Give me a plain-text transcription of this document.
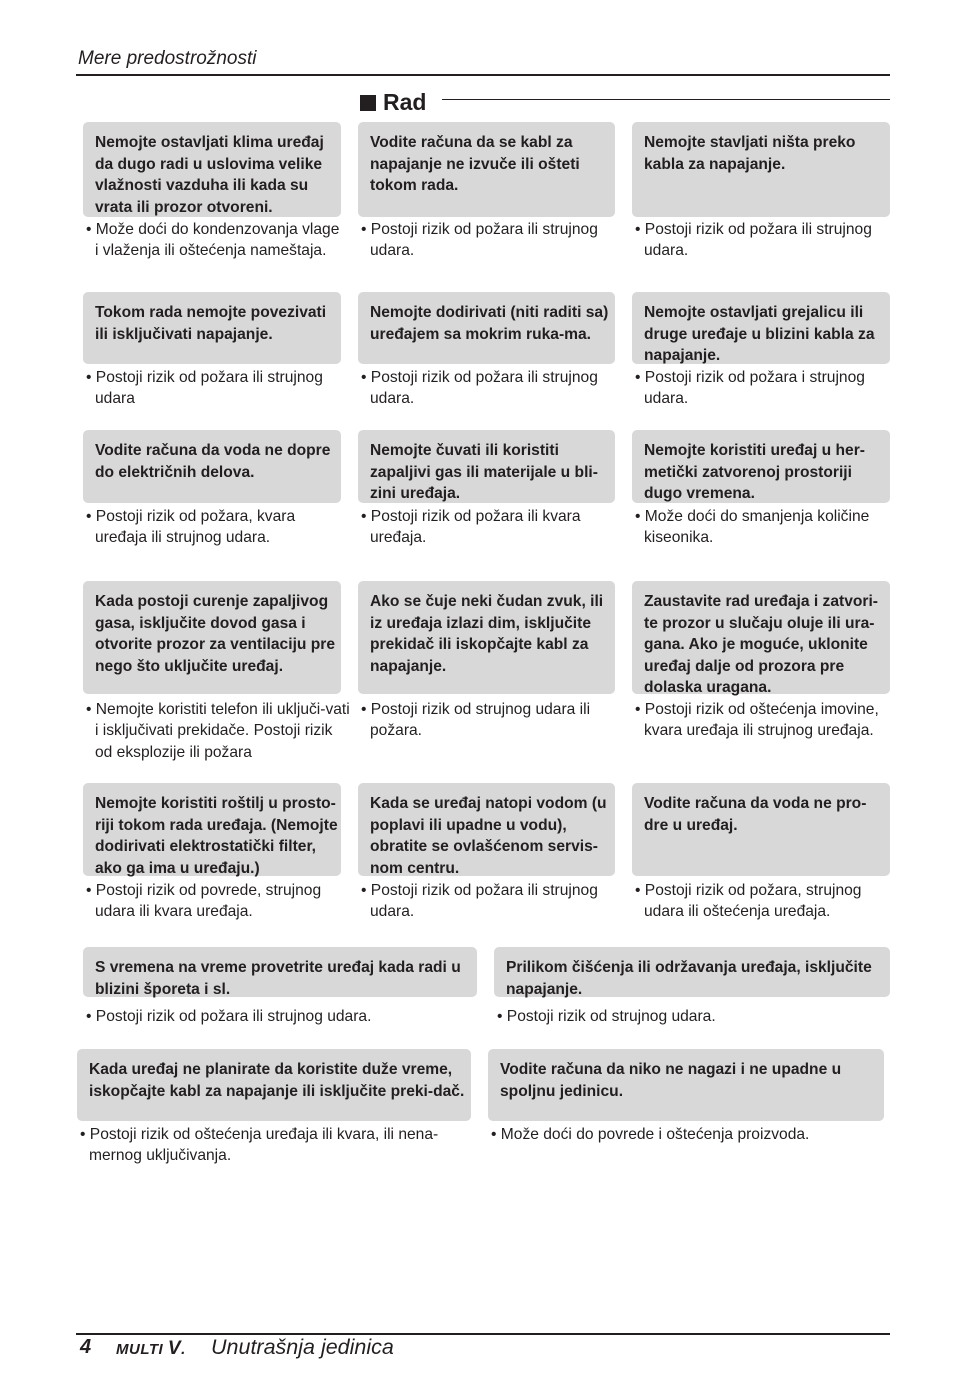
Mere predostrožnosti
Rad
Nemojte ostavljati klima uređaj da dugo radi u uslovima velike vlažnosti vazduha ili kada su vrata ili prozor otvoreni.
• Može doći do kondenzovanja vlage i vlaženja ili oštećenja nameštaja.
Vodite računa da se kabl za napajanje ne izvuče ili ošteti tokom rada.
• Postoji rizik od požara ili strujnog udara.
Nemojte stavljati ništa preko kabla za napajanje.
• Postoji rizik od požara ili strujnog udara.
Tokom rada nemojte povezivati ili isključivati napajanje.
• Postoji rizik od požara ili strujnog udara
Nemojte dodirivati (niti raditi sa) uređajem sa mokrim ruka-ma.
• Postoji rizik od požara ili strujnog udara.
Nemojte ostavljati grejalicu ili druge uređaje u blizini kabla za napajanje.
• Postoji rizik od požara i strujnog udara.
Vodite računa da voda ne dopre do električnih delova.
• Postoji rizik od požara, kvara uređaja ili strujnog udara.
Nemojte čuvati ili koristiti zapaljivi gas ili materijale u bli-zini uređaja.
• Postoji rizik od požara ili kvara uređaja.
Nemojte koristiti uređaj u her-metički zatvorenoj prostoriji dugo vremena.
• Može doći do smanjenja količine kiseonika.
Kada postoji curenje zapaljivog gasa, isključite dovod gasa i otvorite prozor za ventilaciju pre nego što uključite uređaj.
• Nemojte koristiti telefon ili uključi-vati i isključivati prekidače. Postoji rizik od eksplozije ili požara
Ako se čuje neki čudan zvuk, ili iz uređaja izlazi dim, isključite prekidač ili iskopčajte kabl za napajanje.
• Postoji rizik od strujnog udara ili požara.
Zaustavite rad uređaja i zatvori-te prozor u slučaju oluje ili ura-gana. Ako je moguće, uklonite uređaj dalje od prozora pre dolaska uragana.
• Postoji rizik od oštećenja imovine, kvara uređaja ili strujnog uređaja.
Nemojte koristiti roštilj u prosto-riji tokom rada uređaja. (Nemojte dodirivati elektrostatički filter, ako ga ima u uređaju.)
• Postoji rizik od povrede, strujnog udara ili kvara uređaja.
Kada se uređaj natopi vodom (u poplavi ili upadne u vodu), obratite se ovlašćenom servis-nom centru.
• Postoji rizik od požara ili strujnog udara.
Vodite računa da voda ne pro-dre u uređaj.
• Postoji rizik od požara, strujnog udara ili oštećenja uređaja.
S vremena na vreme provetrite uređaj kada radi u blizini šporeta i sl.
• Postoji rizik od požara ili strujnog udara.
Prilikom čišćenja ili održavanja uređaja, isključite napajanje.
• Postoji rizik od strujnog udara.
Kada uređaj ne planirate da koristite duže vreme, iskopčajte kabl za napajanje ili isključite preki-dač.
• Postoji rizik od oštećenja uređaja ili kvara, ili nena-mernog uključivanja.
Vodite računa da niko ne nagazi i ne upadne u spoljnu jedinicu.
• Može doći do povrede i oštećenja proizvoda.
4 MULTI V. Unutrašnja jedinica
